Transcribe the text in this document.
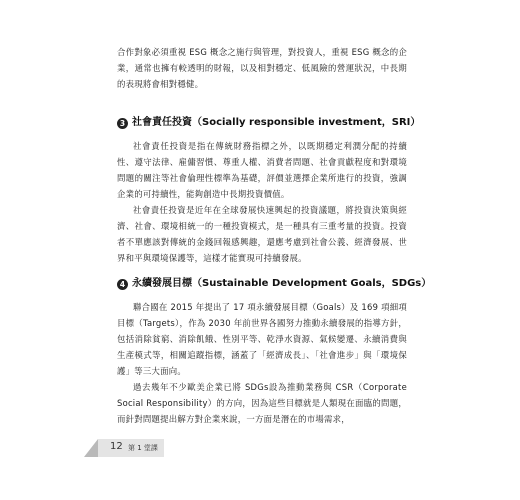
合作對象必須重視 ESG 概念之施行與管理，對投資人，重視 ESG 概念的企業，通常也擁有較透明的財報，以及相對穩定、低風險的營運狀況，中長期的表現將會相對穩健。

3 社會責任投資（Socially responsible investment，SRI）

社會責任投資是指在傳統財務指標之外，以既期穩定利潤分配的持續性、遵守法律、雇傭習慣、尊重人權、消費者問題、社會貢獻程度和對環境問題的關注等社會倫理性標準為基礎，評價並選擇企業所進行的投資，強調企業的可持續性，能夠創造中長期投資價值。

社會責任投資是近年在全球發展快速興起的投資議題，將投資決策與經濟、社會、環境相統一的一種投資模式，是一種具有三重考量的投資。投資者不單應該對傳統的金錢回報感興趣，還應考慮到社會公義、經濟發展、世界和平與環境保護等，這樣才能實現可持續發展。

4 永續發展目標（Sustainable Development Goals，SDGs）

聯合國在 2015 年提出了 17 項永續發展目標（Goals）及 169 項細項目標（Targets），作為 2030 年前世界各國努力推動永續發展的指導方針，包括消除貧窮、消除飢餓、性別平等、乾淨水資源、氣候變遷、永續消費與生產模式等，相關追蹤指標，涵蓋了「經濟成長」、「社會進步」與「環境保護」等三大面向。

過去幾年不少歐美企業已將 SDGs設為推動業務與 CSR（Corporate Social Responsibility）的方向，因為這些目標就是人類現在面臨的問題，而針對問題提出解方對企業來說，一方面是潛在的市場需求，

12 第 1 堂課
